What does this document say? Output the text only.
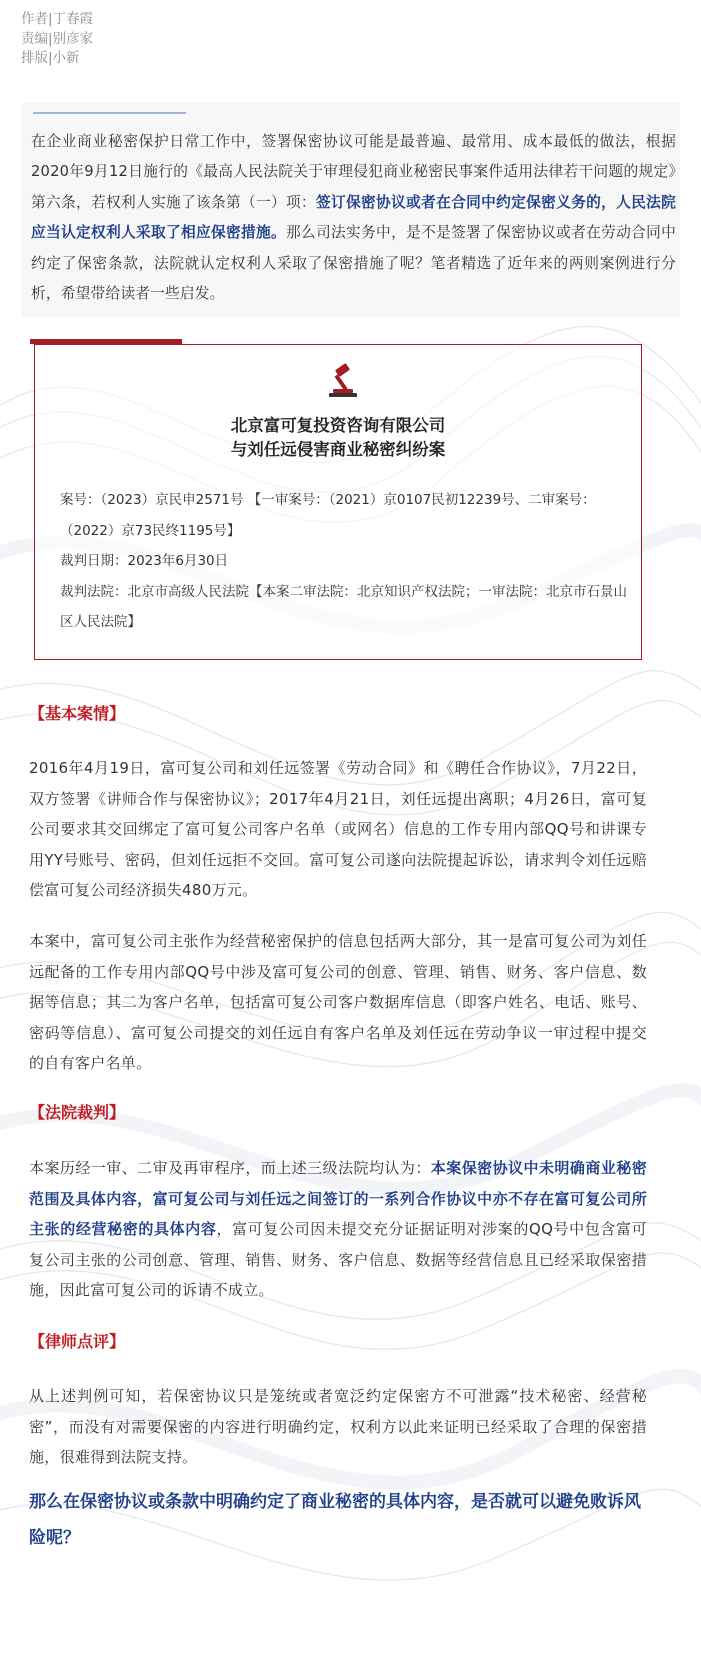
作者|丁春霞
责编|别彦家
排版|小新
在企业商业秘密保护日常工作中，签署保密协议可能是最普遍、最常用、成本最低的做法，根据2020年9月12日施行的《最高人民法院关于审理侵犯商业秘密民事案件适用法律若干问题的规定》第六条，若权利人实施了该条第（一）项：签订保密协议或者在合同中约定保密义务的，人民法院应当认定权利人采取了相应保密措施。那么司法实务中，是不是签署了保密协议或者在劳动合同中约定了保密条款，法院就认定权利人采取了保密措施了呢？笔者精选了近年来的两则案例进行分析，希望带给读者一些启发。
北京富可复投资咨询有限公司
与刘任远侵害商业秘密纠纷案
案号：（2023）京民申2571号 【一审案号：（2021）京0107民初12239号、二审案号：（2022）京73民终1195号】
裁判日期：2023年6月30日
裁判法院：北京市高级人民法院【本案二审法院：北京知识产权法院；一审法院：北京市石景山区人民法院】
【基本案情】
2016年4月19日，富可复公司和刘任远签署《劳动合同》和《聘任合作协议》，7月22日，双方签署《讲师合作与保密协议》；2017年4月21日，刘任远提出离职；4月26日，富可复公司要求其交回绑定了富可复公司客户名单（或网名）信息的工作专用内部QQ号和讲课专用YY号账号、密码，但刘任远拒不交回。富可复公司遂向法院提起诉讼，请求判令刘任远赔偿富可复公司经济损失480万元。
本案中，富可复公司主张作为经营秘密保护的信息包括两大部分，其一是富可复公司为刘任远配备的工作专用内部QQ号中涉及富可复公司的创意、管理、销售、财务、客户信息、数据等信息；其二为客户名单，包括富可复公司客户数据库信息（即客户姓名、电话、账号、密码等信息）、富可复公司提交的刘任远自有客户名单及刘任远在劳动争议一审过程中提交的自有客户名单。
【法院裁判】
本案历经一审、二审及再审程序，而上述三级法院均认为：本案保密协议中未明确商业秘密范围及具体内容，富可复公司与刘任远之间签订的一系列合作协议中亦不存在富可复公司所主张的经营秘密的具体内容，富可复公司因未提交充分证据证明对涉案的QQ号中包含富可复公司主张的公司创意、管理、销售、财务、客户信息、数据等经营信息且已经采取保密措施，因此富可复公司的诉请不成立。
【律师点评】
从上述判例可知，若保密协议只是笼统或者宽泛约定保密方不可泄露“技术秘密、经营秘密”，而没有对需要保密的内容进行明确约定，权利方以此来证明已经采取了合理的保密措施，很难得到法院支持。
那么在保密协议或条款中明确约定了商业秘密的具体内容，是否就可以避免败诉风险呢？
